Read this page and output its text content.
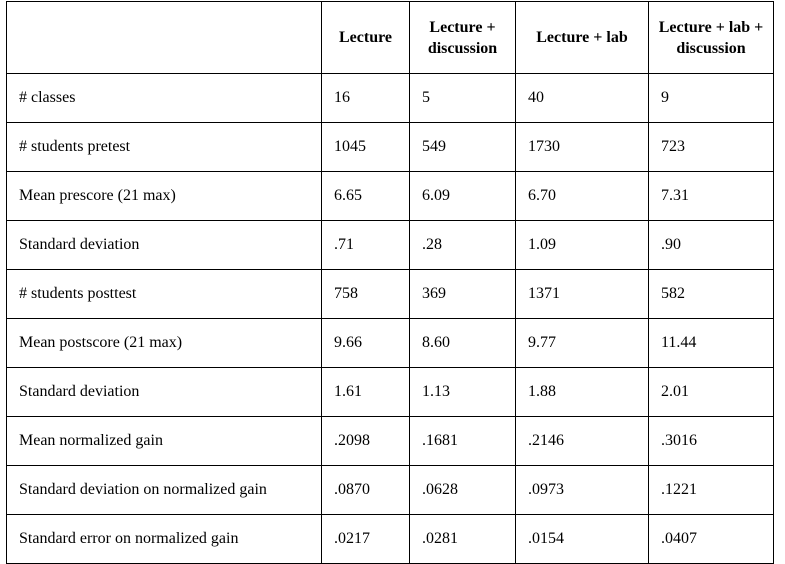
	Lecture	Lecture + discussion	Lecture + lab	Lecture + lab + discussion
# classes	16	5	40	9
# students pretest	1045	549	1730	723
Mean prescore (21 max)	6.65	6.09	6.70	7.31
Standard deviation	.71	.28	1.09	.90
# students posttest	758	369	1371	582
Mean postscore (21 max)	9.66	8.60	9.77	11.44
Standard deviation	1.61	1.13	1.88	2.01
Mean normalized gain	.2098	.1681	.2146	.3016
Standard deviation on normalized gain	.0870	.0628	.0973	.1221
Standard error on normalized gain	.0217	.0281	.0154	.0407
